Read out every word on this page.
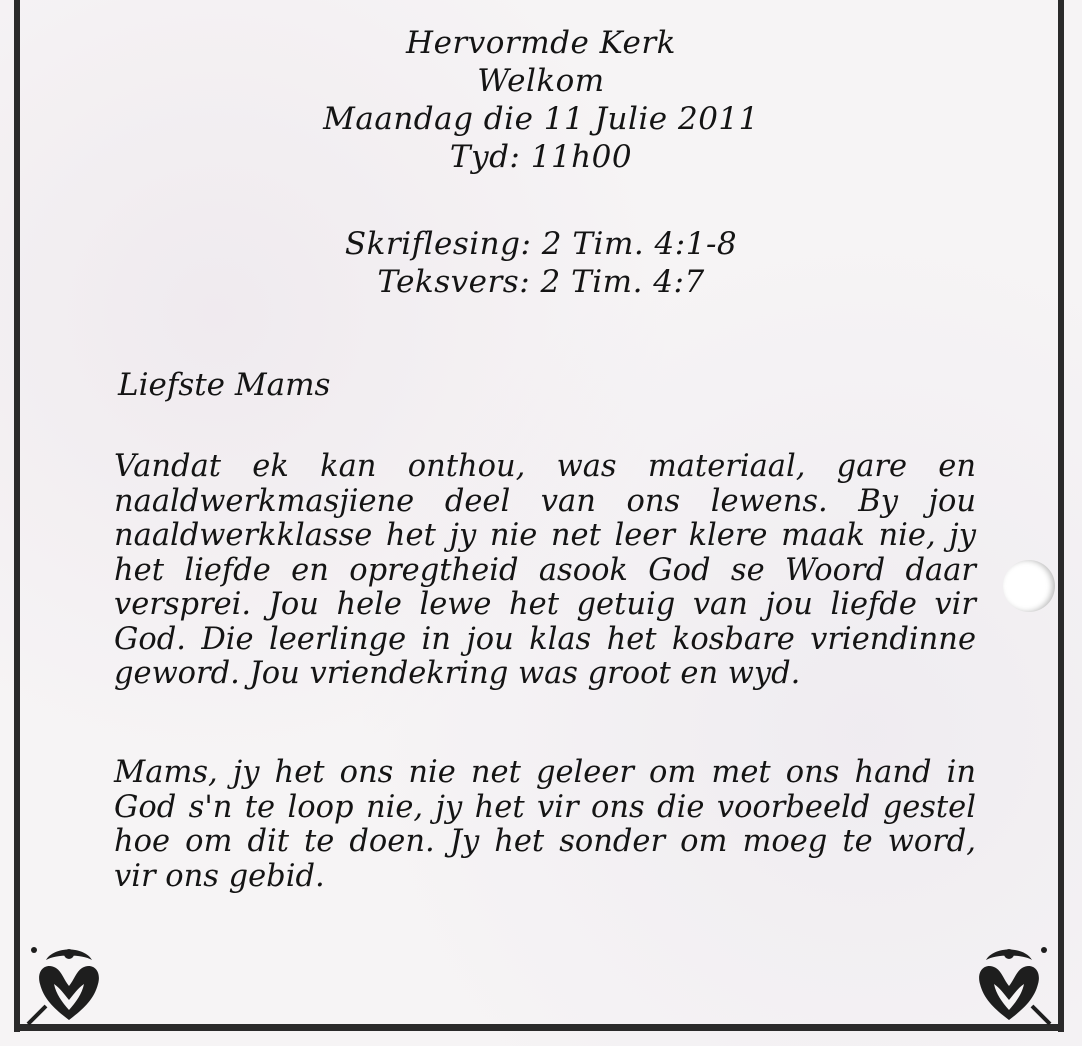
Hervormde Kerk
Welkom
Maandag die 11 Julie 2011
Tyd: 11h00
Skriflesing: 2 Tim. 4:1-8
Teksvers: 2 Tim. 4:7
Liefste Mams
Vandat ek kan onthou, was materiaal, gare en
naaldwerkmasjiene deel van ons lewens. By jou
naaldwerkklasse het jy nie net leer klere maak nie, jy
het liefde en opregtheid asook God se Woord daar
versprei. Jou hele lewe het getuig van jou liefde vir
God. Die leerlinge in jou klas het kosbare vriendinne
geword. Jou vriendekring was groot en wyd.
Mams, jy het ons nie net geleer om met ons hand in
God s'n te loop nie, jy het vir ons die voorbeeld gestel
hoe om dit te doen. Jy het sonder om moeg te word,
vir ons gebid.
